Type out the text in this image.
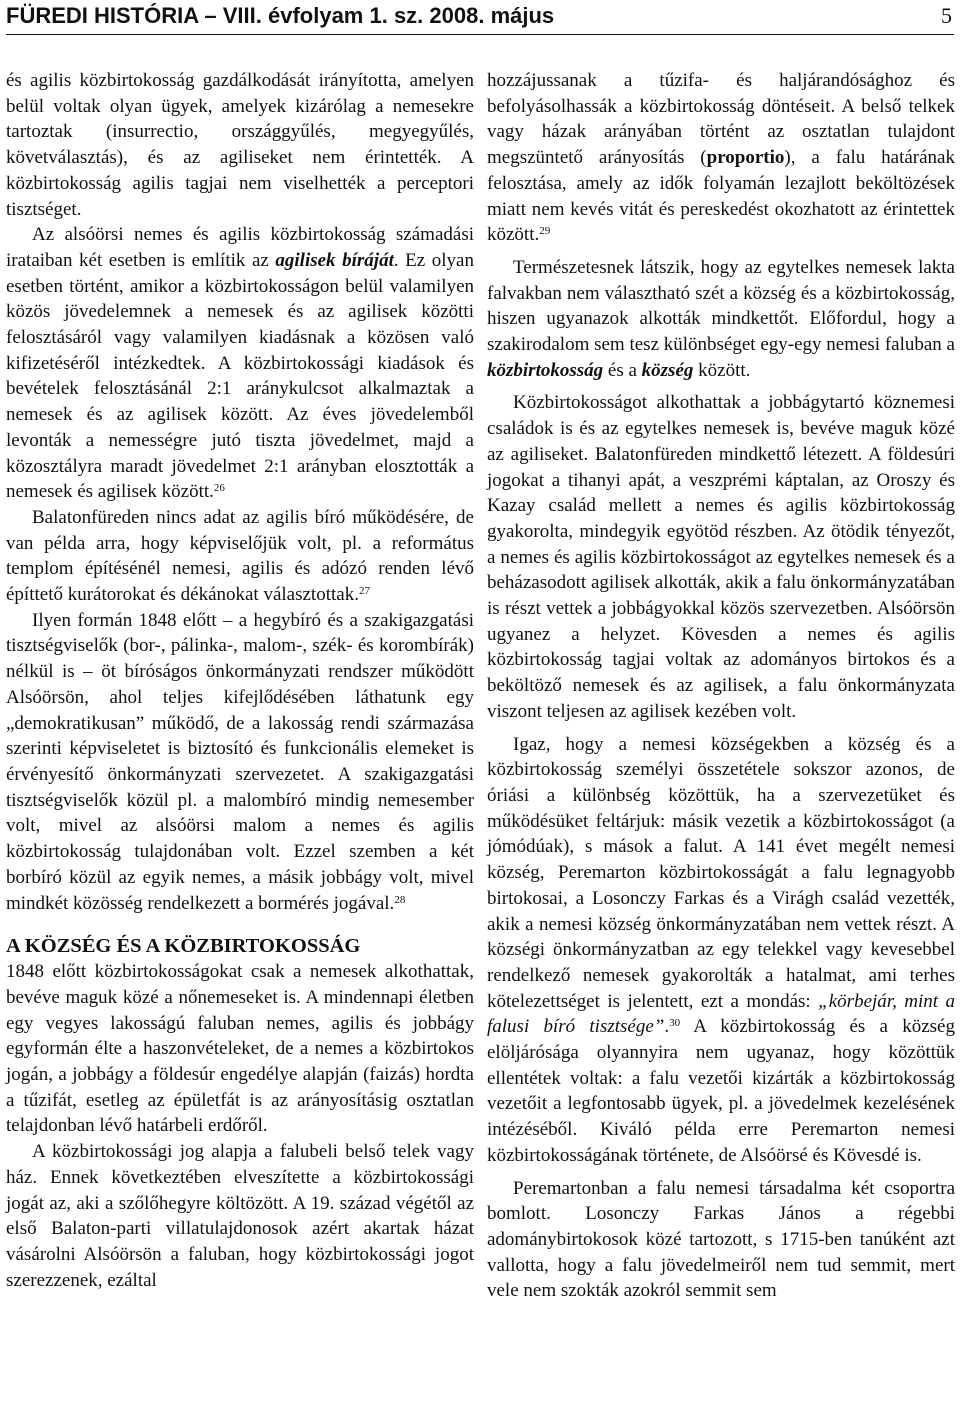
FÜREDI HISTÓRIA – VIII. évfolyam 1. sz. 2008. május	5

és agilis közbirtokosság gazdálkodását irányította, amelyen belül voltak olyan ügyek, amelyek kizárólag a nemesekre tartoztak (insurrectio, országgyűlés, megyegyűlés, követválasztás), és az agiliseket nem érintették. A közbirtokosság agilis tagjai nem viselhették a perceptori tisztséget.

Az alsóörsi nemes és agilis közbirtokosság számadási irataiban két esetben is említik az agilisek bíráját. Ez olyan esetben történt, amikor a közbirtokosságon belül valamilyen közös jövedelemnek a nemesek és az agilisek közötti felosztásáról vagy valamilyen kiadásnak a közösen való kifizetéséről intézkedtek. A közbirtokossági kiadások és bevételek felosztásánál 2:1 aránykulcsot alkalmaztak a nemesek és az agilisek között. Az éves jövedelemből levonták a nemességre jutó tiszta jövedelmet, majd a közosztályra maradt jövedelmet 2:1 arányban elosztották a nemesek és agilisek között.$^{26}$

Balatonfüreden nincs adat az agilis bíró működésére, de van példa arra, hogy képviselőjük volt, pl. a református templom építésénél nemesi, agilis és adózó renden lévő építtető kurátorokat és dékánokat választottak.$^{27}$

Ilyen formán 1848 előtt – a hegybíró és a szakigazgatási tisztségviselők (bor-, pálinka-, malom-, szék- és korombírák) nélkül is – öt bíróságos önkormányzati rendszer működött Alsóörsön, ahol teljes kifejlődésében láthatunk egy „demokratikusan” működő, de a lakosság rendi származása szerinti képviseletet is biztosító és funkcionális elemeket is érvényesítő önkormányzati szervezetet. A szakigazgatási tisztségviselők közül pl. a malombíró mindig nemesember volt, mivel az alsóörsi malom a nemes és agilis közbirtokosság tulajdonában volt. Ezzel szemben a két borbíró közül az egyik nemes, a másik jobbágy volt, mivel mindkét közösség rendelkezett a bormérés jogával.$^{28}$

A KÖZSÉG ÉS A KÖZBIRTOKOSSÁG

1848 előtt közbirtokosságokat csak a nemesek alkothattak, bevéve maguk közé a nőnemeseket is. A mindennapi életben egy vegyes lakosságú faluban nemes, agilis és jobbágy egyformán élte a haszonvételeket, de a nemes a közbirtokos jogán, a jobbágy a földesúr engedélye alapján (faizás) hordta a tűzifát, esetleg az épületfát is az arányosításig osztatlan telajdonban lévő határbeli erdőről.

A közbirtokossági jog alapja a falubeli belső telek vagy ház. Ennek következtében elveszítette a közbirtokossági jogát az, aki a szőlőhegyre költözött. A 19. század végétől az első Balaton-parti villatulajdonosok azért akartak házat vásárolni Alsóörsön a faluban, hogy közbirtokossági jogot szerezzenek, ezáltal

hozzájussanak a tűzifa- és haljárandósághoz és befolyásolhassák a közbirtokosság döntéseit. A belső telkek vagy házak arányában történt az osztatlan tulajdont megszüntető arányosítás (proportio), a falu határának felosztása, amely az idők folyamán lezajlott beköltözések miatt nem kevés vitát és pereskedést okozhatott az érintettek között.$^{29}$

Természetesnek látszik, hogy az egytelkes nemesek lakta falvakban nem választható szét a község és a közbirtokosság, hiszen ugyanazok alkották mindkettőt. Előfordul, hogy a szakirodalom sem tesz különbséget egy-egy nemesi faluban a közbirtokosság és a község között.

Közbirtokosságot alkothattak a jobbágytartó köznemesi családok is és az egytelkes nemesek is, bevéve maguk közé az agiliseket. Balatonfüreden mindkettő létezett. A földesúri jogokat a tihanyi apát, a veszprémi káptalan, az Oroszy és Kazay család mellett a nemes és agilis közbirtokosság gyakorolta, mindegyik egyötöd részben. Az ötödik tényezőt, a nemes és agilis közbirtokosságot az egytelkes nemesek és a beházasodott agilisek alkották, akik a falu önkormányzatában is részt vettek a jobbágyokkal közös szervezetben. Alsóörsön ugyanez a helyzet. Kövesden a nemes és agilis közbirtokosság tagjai voltak az adományos birtokos és a beköltöző nemesek és az agilisek, a falu önkormányzata viszont teljesen az agilisek kezében volt.

Igaz, hogy a nemesi községekben a község és a közbirtokosság személyi összetétele sokszor azonos, de óriási a különbség közöttük, ha a szervezetüket és működésüket feltárjuk: másik vezetik a közbirtokosságot (a jómódúak), s mások a falut. A 141 évet megélt nemesi község, Peremarton közbirtokosságát a falu legnagyobb birtokosai, a Losonczy Farkas és a Virágh család vezették, akik a nemesi község önkormányzatában nem vettek részt. A községi önkormányzatban az egy telekkel vagy kevesebbel rendelkező nemesek gyakorolták a hatalmat, ami terhes kötelezettséget is jelentett, ezt a mondás: „körbejár, mint a falusi bíró tisztsége”.$^{30}$ A közbirtokosság és a község elöljárósága olyannyira nem ugyanaz, hogy közöttük ellentétek voltak: a falu vezetői kizárták a közbirtokosság vezetőit a legfontosabb ügyek, pl. a jövedelmek kezelésének intézéséből. Kiváló példa erre Peremarton nemesi közbirtokosságának története, de Alsóörsé és Kövesdé is.

Peremartonban a falu nemesi társadalma két csoportra bomlott. Losonczy Farkas János a régebbi adománybirtokosok közé tartozott, s 1715-ben tanúként azt vallotta, hogy a falu jövedelmeiről nem tud semmit, mert vele nem szokták azokról semmit sem
